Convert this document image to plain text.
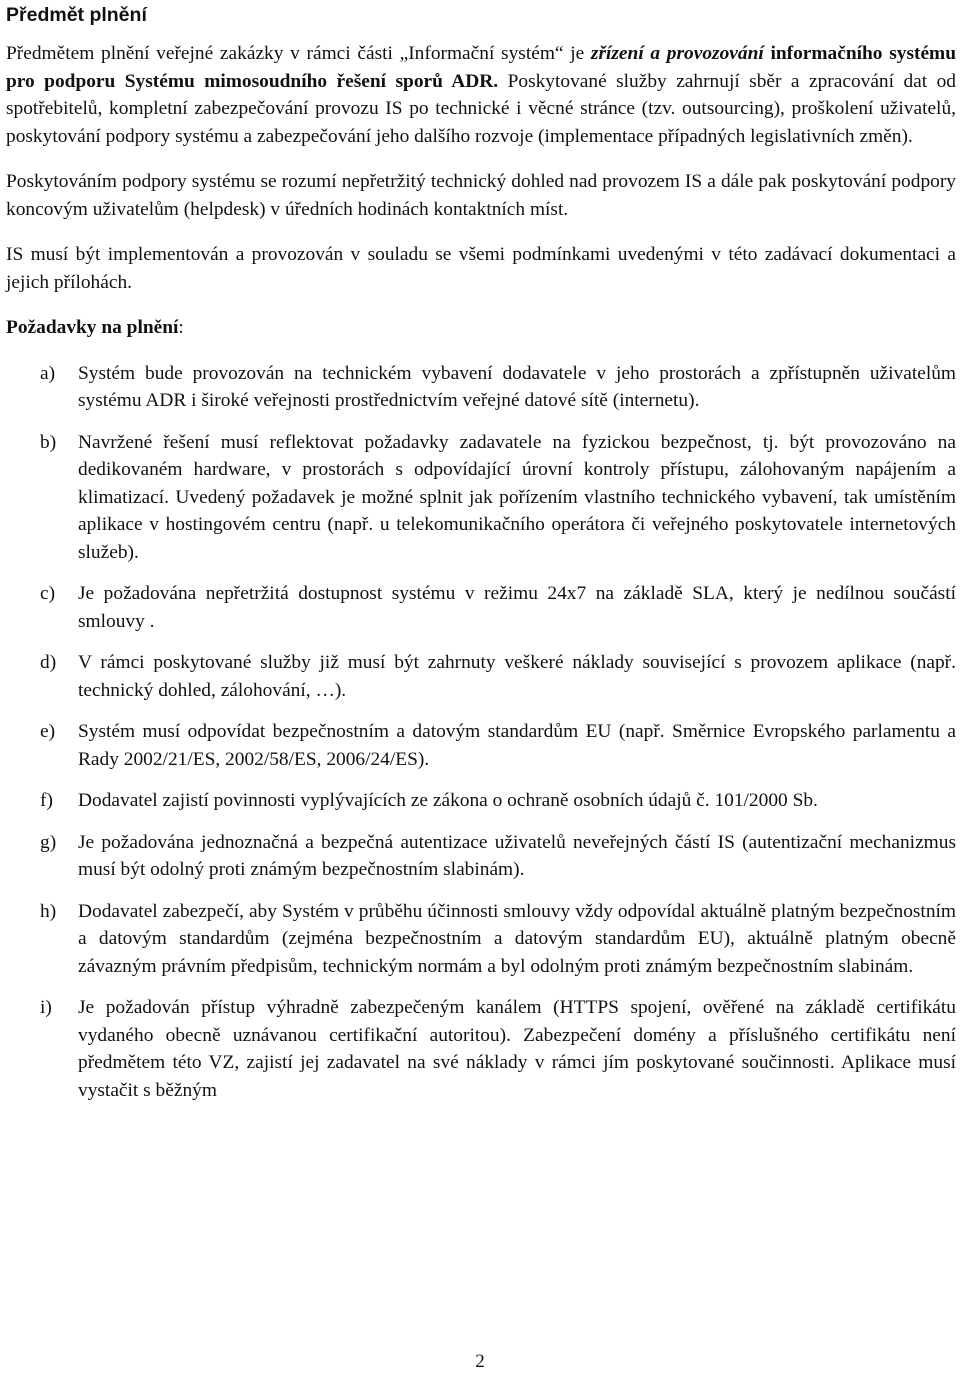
Předmět plnění

Předmětem plnění veřejné zakázky v rámci části „Informační systém“ je zřízení a provozování informačního systému pro podporu Systému mimosoudního řešení sporů ADR. Poskytované služby zahrnují sběr a zpracování dat od spotřebitelů, kompletní zabezpečování provozu IS po technické i věcné stránce (tzv. outsourcing), proškolení uživatelů, poskytování podpory systému a zabezpečování jeho dalšího rozvoje (implementace případných legislativních změn).

Poskytováním podpory systému se rozumí nepřetržitý technický dohled nad provozem IS a dále pak poskytování podpory koncovým uživatelům (helpdesk) v úředních hodinách kontaktních míst.

IS musí být implementován a provozován v souladu se všemi podmínkami uvedenými v této zadávací dokumentaci a jejich přílohách.

Požadavky na plnění:

a) Systém bude provozován na technickém vybavení dodavatele v jeho prostorách a zpřístupněn uživatelům systému ADR i široké veřejnosti prostřednictvím veřejné datové sítě (internetu).
b) Navržené řešení musí reflektovat požadavky zadavatele na fyzickou bezpečnost, tj. být provozováno na dedikovaném hardware, v prostorách s odpovídající úrovní kontroly přístupu, zálohovaným napájením a klimatizací. Uvedený požadavek je možné splnit jak pořízením vlastního technického vybavení, tak umístěním aplikace v hostingovém centru (např. u telekomunikačního operátora či veřejného poskytovatele internetových služeb).
c) Je požadována nepřetržitá dostupnost systému v režimu 24x7 na základě SLA, který je nedílnou součástí smlouvy .
d) V rámci poskytované služby již musí být zahrnuty veškeré náklady související s provozem aplikace (např. technický dohled, zálohování, …).
e) Systém musí odpovídat bezpečnostním a datovým standardům EU (např. Směrnice Evropského parlamentu a Rady 2002/21/ES, 2002/58/ES, 2006/24/ES).
f) Dodavatel zajistí povinnosti vyplývajících ze zákona o ochraně osobních údajů č. 101/2000 Sb.
g) Je požadována jednoznačná a bezpečná autentizace uživatelů neveřejných částí IS (autentizační mechanizmus musí být odolný proti známým bezpečnostním slabinám).
h) Dodavatel zabezpečí, aby Systém v průběhu účinnosti smlouvy vždy odpovídal aktuálně platným bezpečnostním a datovým standardům (zejména bezpečnostním a datovým standardům EU), aktuálně platným obecně závazným právním předpisům, technickým normám a byl odolným proti známým bezpečnostním slabinám.
i) Je požadován přístup výhradně zabezpečeným kanálem (HTTPS spojení, ověřené na základě certifikátu vydaného obecně uznávanou certifikační autoritou). Zabezpečení domény a příslušného certifikátu není předmětem této VZ, zajistí jej zadavatel na své náklady v rámci jím poskytované součinnosti. Aplikace musí vystačit s běžným
2
